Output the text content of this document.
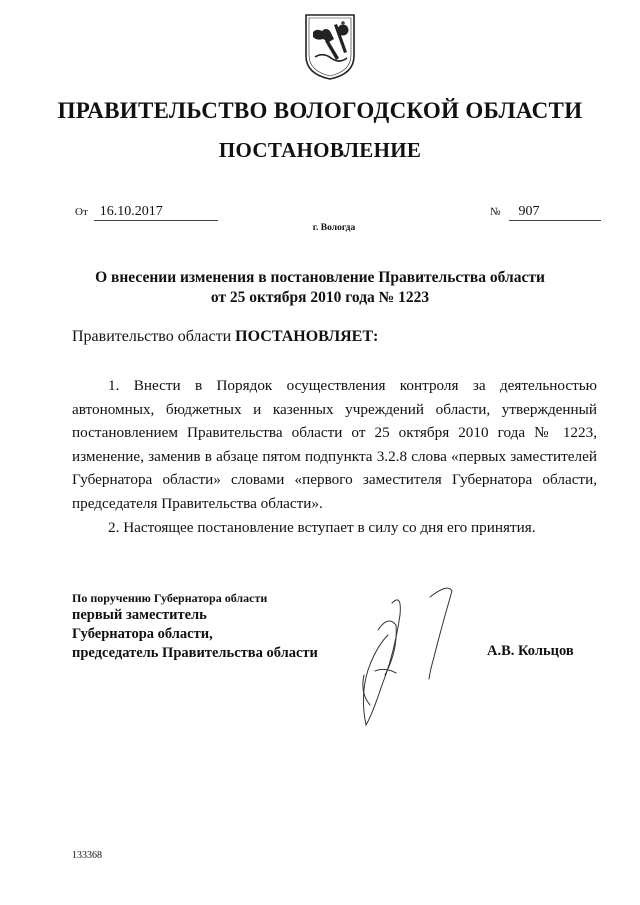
ПРАВИТЕЛЬСТВО ВОЛОГОДСКОЙ ОБЛАСТИ
ПОСТАНОВЛЕНИЕ
От 16.10.2017	№ 907
г. Вологда
О внесении изменения в постановление Правительства области
от 25 октября 2010 года № 1223
Правительство области ПОСТАНОВЛЯЕТ:

1. Внести в Порядок осуществления контроля за деятельностью автономных, бюджетных и казенных учреждений области, утвержденный постановлением Правительства области от 25 октября 2010 года № 1223, изменение, заменив в абзаце пятом подпункта 3.2.8 слова «первых заместителей Губернатора области» словами «первого заместителя Губернатора области, председателя Правительства области».

2. Настоящее постановление вступает в силу со дня его принятия.

По поручению Губернатора области
первый заместитель
Губернатора области,
председатель Правительства области	А.В. Кольцов
133368
